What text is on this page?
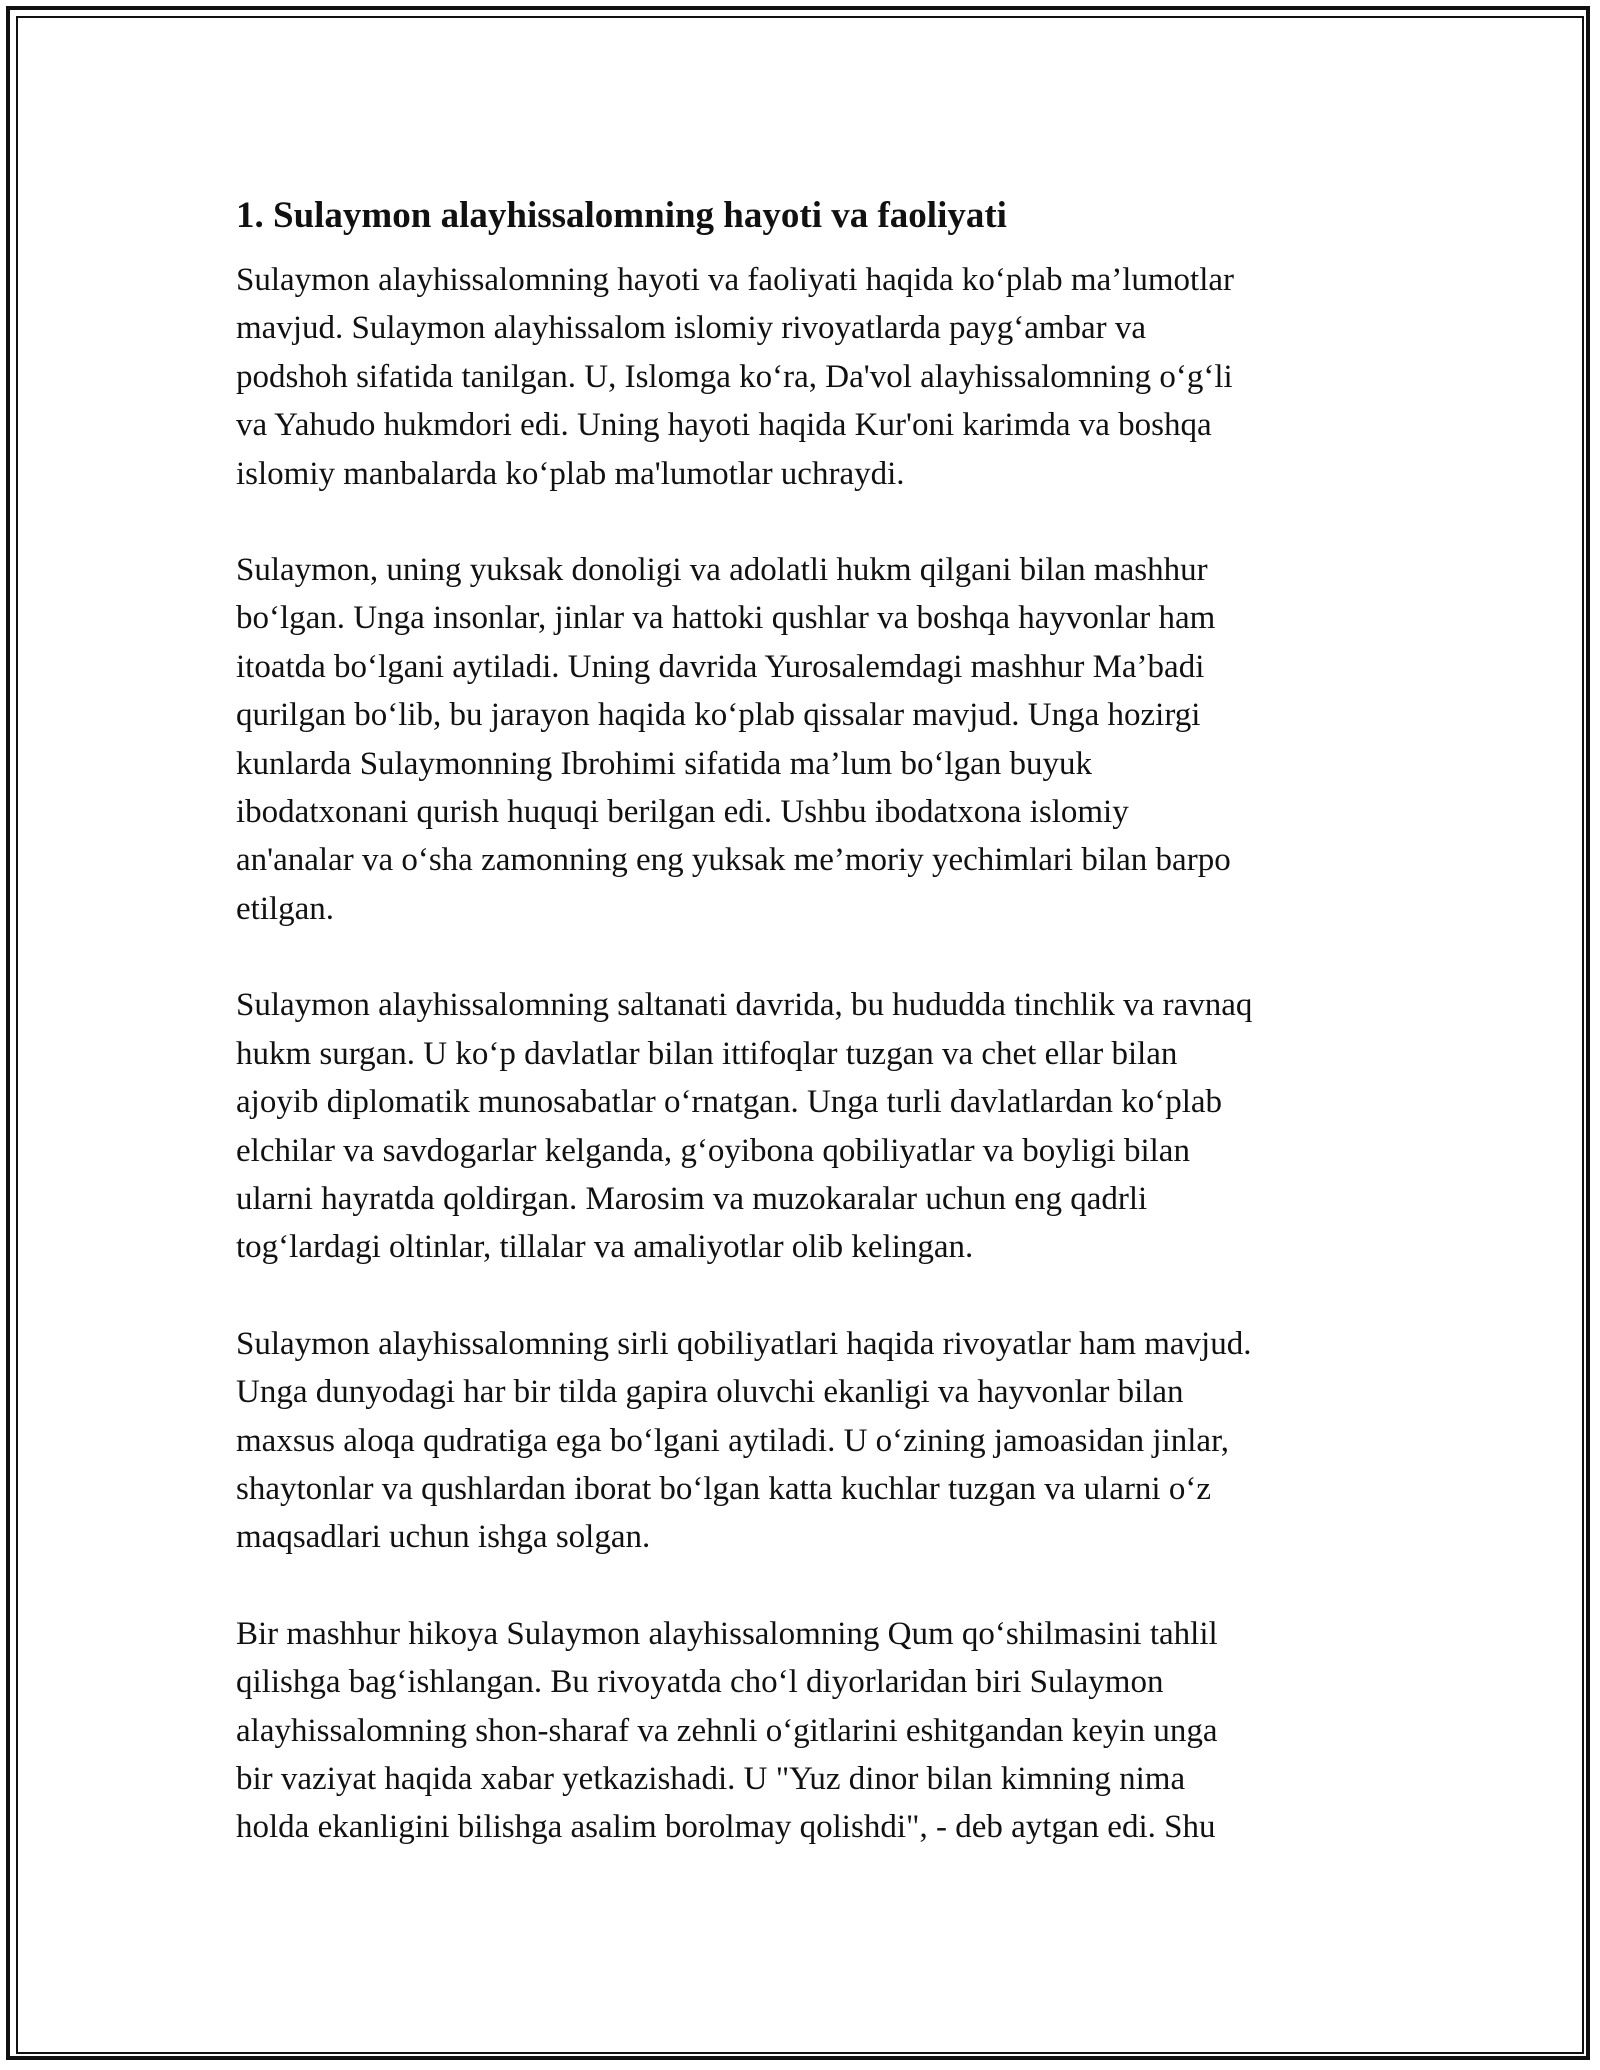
1. Sulaymon alayhissalomning hayoti va faoliyati

Sulaymon alayhissalomning hayoti va faoliyati haqida ko‘plab ma’lumotlar
mavjud. Sulaymon alayhissalom islomiy rivoyatlarda payg‘ambar va
podshoh sifatida tanilgan. U, Islomga ko‘ra, Da'vol alayhissalomning o‘g‘li
va Yahudo hukmdori edi. Uning hayoti haqida Kur'oni karimda va boshqa
islomiy manbalarda ko‘plab ma'lumotlar uchraydi.

Sulaymon, uning yuksak donoligi va adolatli hukm qilgani bilan mashhur
bo‘lgan. Unga insonlar, jinlar va hattoki qushlar va boshqa hayvonlar ham
itoatda bo‘lgani aytiladi. Uning davrida Yurosalemdagi mashhur Ma’badi
qurilgan bo‘lib, bu jarayon haqida ko‘plab qissalar mavjud. Unga hozirgi
kunlarda Sulaymonning Ibrohimi sifatida ma’lum bo‘lgan buyuk
ibodatxonani qurish huquqi berilgan edi. Ushbu ibodatxona islomiy
an'analar va o‘sha zamonning eng yuksak me’moriy yechimlari bilan barpo
etilgan.

Sulaymon alayhissalomning saltanati davrida, bu hududda tinchlik va ravnaq
hukm surgan. U ko‘p davlatlar bilan ittifoqlar tuzgan va chet ellar bilan
ajoyib diplomatik munosabatlar o‘rnatgan. Unga turli davlatlardan ko‘plab
elchilar va savdogarlar kelganda, g‘oyibona qobiliyatlar va boyligi bilan
ularni hayratda qoldirgan. Marosim va muzokaralar uchun eng qadrli
tog‘lardagi oltinlar, tillalar va amaliyotlar olib kelingan.

Sulaymon alayhissalomning sirli qobiliyatlari haqida rivoyatlar ham mavjud.
Unga dunyodagi har bir tilda gapira oluvchi ekanligi va hayvonlar bilan
maxsus aloqa qudratiga ega bo‘lgani aytiladi. U o‘zining jamoasidan jinlar,
shaytonlar va qushlardan iborat bo‘lgan katta kuchlar tuzgan va ularni o‘z
maqsadlari uchun ishga solgan.

Bir mashhur hikoya Sulaymon alayhissalomning Qum qo‘shilmasini tahlil
qilishga bag‘ishlangan. Bu rivoyatda cho‘l diyorlaridan biri Sulaymon
alayhissalomning shon-sharaf va zehnli o‘gitlarini eshitgandan keyin unga
bir vaziyat haqida xabar yetkazishadi. U "Yuz dinor bilan kimning nima
holda ekanligini bilishga asalim borolmay qolishdi", - deb aytgan edi. Shu
